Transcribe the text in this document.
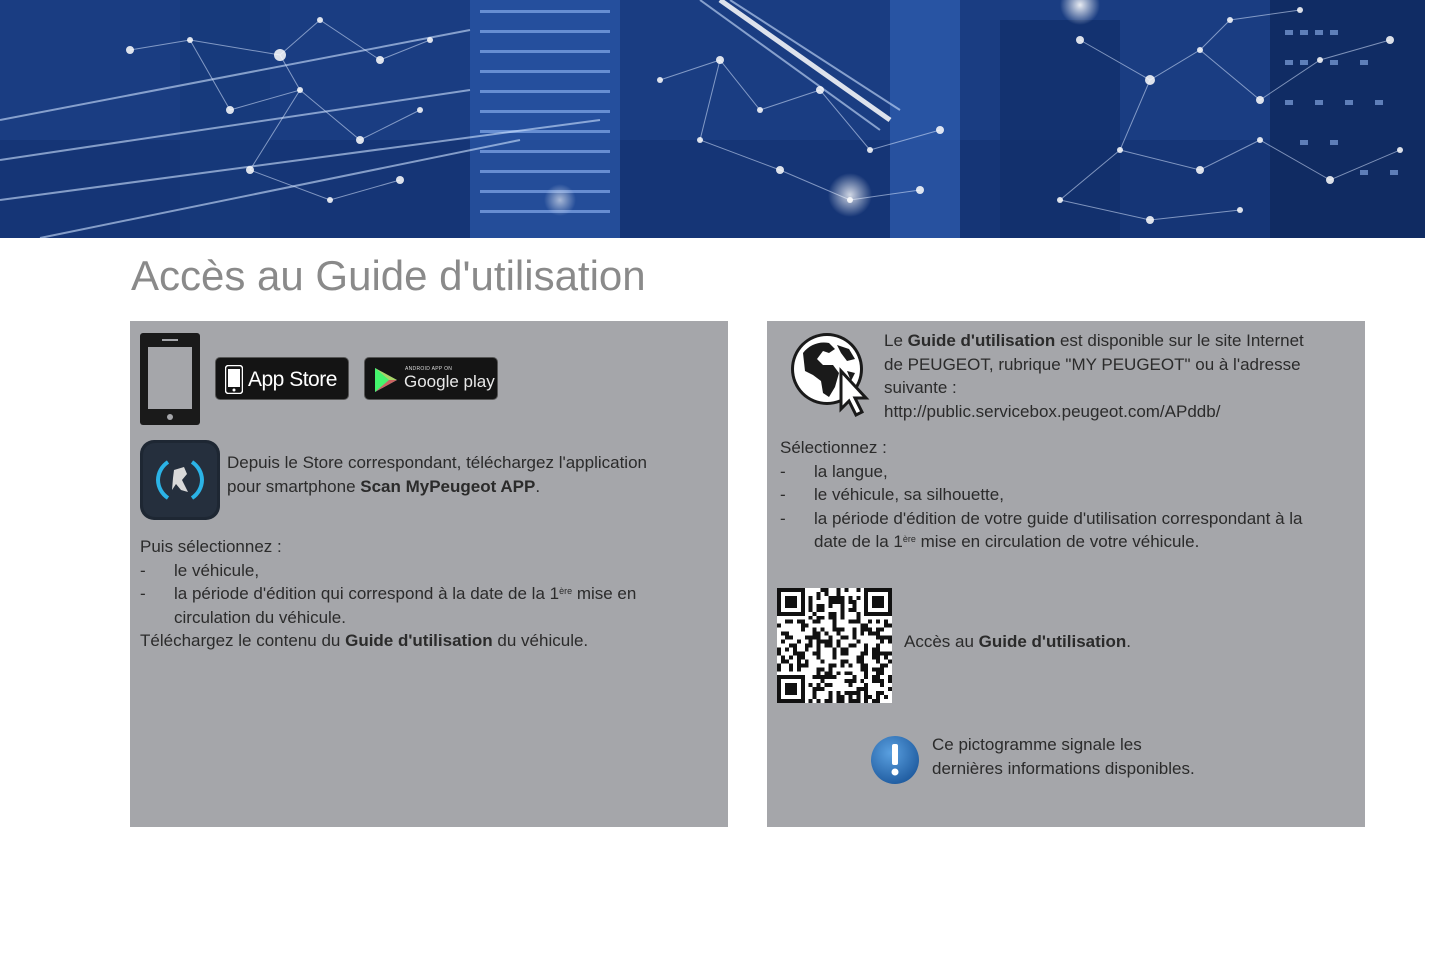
Accès au Guide d'utilisation
App Store	ANDROID APP ON
Google play
Depuis le Store correspondant, téléchargez l'application
pour smartphone Scan MyPeugeot APP.
Puis sélectionnez :
- le véhicule,
- la période d'édition qui correspond à la date de la 1ère mise en
circulation du véhicule.
Téléchargez le contenu du Guide d'utilisation du véhicule.
Le Guide d'utilisation est disponible sur le site Internet
de PEUGEOT, rubrique "MY PEUGEOT" ou à l'adresse
suivante :
http://public.servicebox.peugeot.com/APddb/
Sélectionnez :
- la langue,
- le véhicule, sa silhouette,
- la période d'édition de votre guide d'utilisation correspondant à la
date de la 1ère mise en circulation de votre véhicule.
Accès au Guide d'utilisation.
Ce pictogramme signale les
dernières informations disponibles.
